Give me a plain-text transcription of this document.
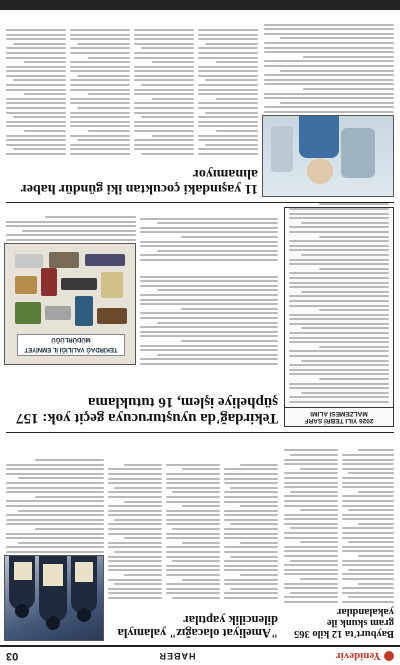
Yenidevir
HABER
03
Bayburt'ta 12 kilo 365 gram skunk ile yakalandılar
"Ameliyat olacağız" yalanıyla dilencilik yaptılar
2026 YILI TEBRİ SARF MALZEMESİ ALIMI
Tekirdağ'da uyuşturucuya geçit yok: 157 şüpheliye işlem, 16 tutuklama
TEKİRDAĞ VALİLİĞİ İL EMNİYET MÜDÜRLÜĞÜ
11 yaşındaki çocuktan iki gündür haber alınamıyor
